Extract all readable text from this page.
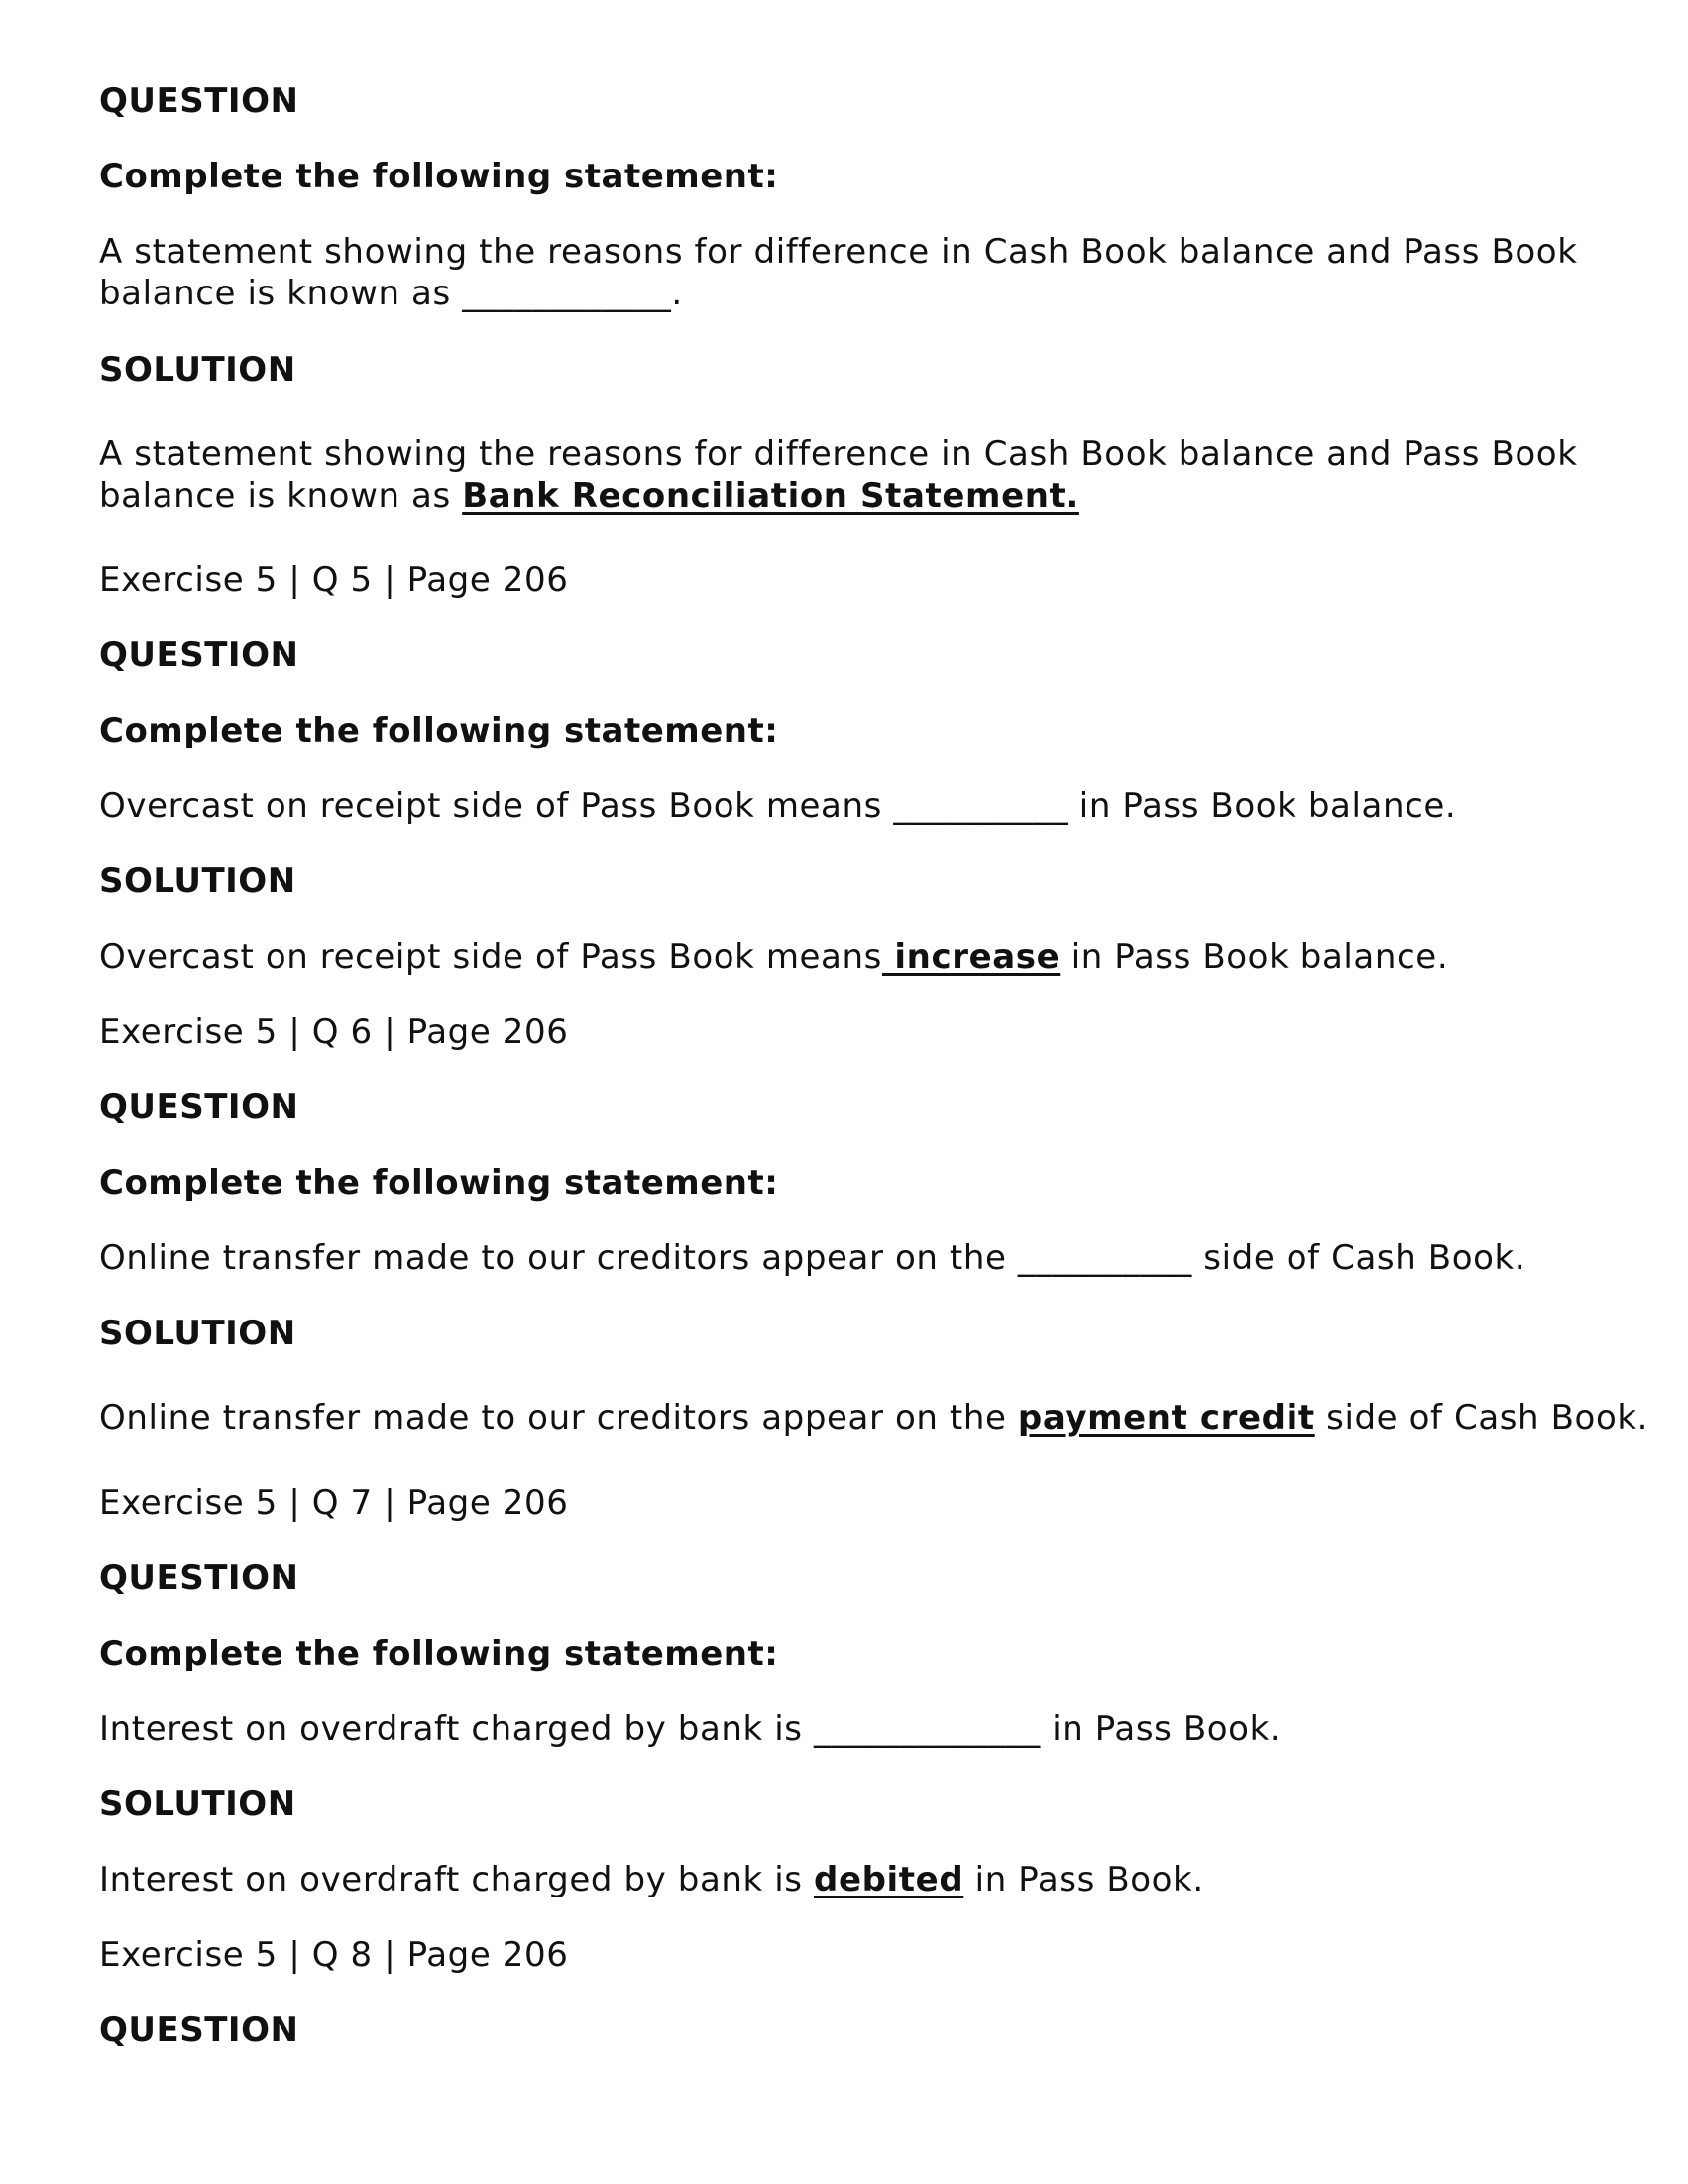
QUESTION

Complete the following statement:

A statement showing the reasons for difference in Cash Book balance and Pass Book

balance is known as ____________.

SOLUTION

A statement showing the reasons for difference in Cash Book balance and Pass Book

balance is known as Bank Reconciliation Statement.

Exercise 5 | Q 5 | Page 206

QUESTION

Complete the following statement:

Overcast on receipt side of Pass Book means __________ in Pass Book balance.

SOLUTION

Overcast on receipt side of Pass Book means increase in Pass Book balance.

Exercise 5 | Q 6 | Page 206

QUESTION

Complete the following statement:

Online transfer made to our creditors appear on the __________ side of Cash Book.

SOLUTION

Online transfer made to our creditors appear on the payment credit side of Cash Book.

Exercise 5 | Q 7 | Page 206

QUESTION

Complete the following statement:

Interest on overdraft charged by bank is _____________ in Pass Book.

SOLUTION

Interest on overdraft charged by bank is debited in Pass Book.

Exercise 5 | Q 8 | Page 206

QUESTION
